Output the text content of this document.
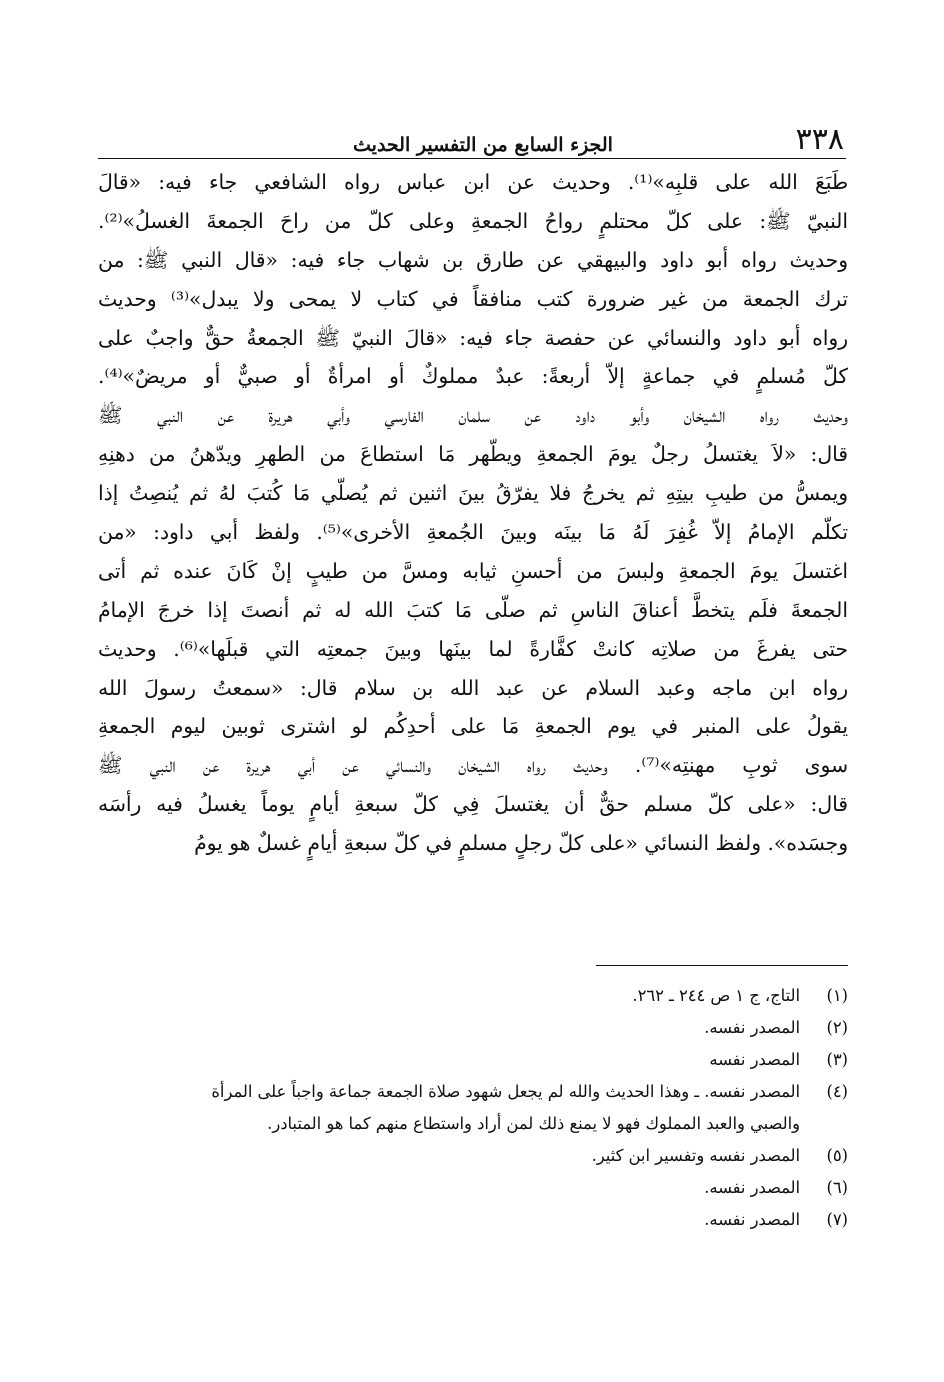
٣٣٨
الجزء السابع من التفسير الحديث
طَبَعَ الله على قلبِه»⁽¹⁾. وحديث عن ابن عباس رواه الشافعي جاء فيه: «قالَ
النبيّ ﷺ: على كلّ محتلمٍ رواحُ الجمعةِ وعلى كلّ من راحَ الجمعةَ الغسلُ»⁽²⁾.
وحديث رواه أبو داود والبيهقي عن طارق بن شهاب جاء فيه: «قال النبي ﷺ: من
ترك الجمعة من غير ضرورة كتب منافقاً في كتاب لا يمحى ولا يبدل»⁽³⁾ وحديث
رواه أبو داود والنسائي عن حفصة جاء فيه: «قالَ النبيّ ﷺ الجمعةُ حقٌّ واجبٌ على
كلّ مُسلمٍ في جماعةٍ إلاّ أربعةً: عبدٌ مملوكٌ أو امرأةٌ أو صبيٌّ أو مريضٌ»⁽⁴⁾.
وحديث رواه الشيخان وأبو داود عن سلمان الفارسي وأبي هريرة عن النبي ﷺ
قال: «لاَ يغتسلُ رجلٌ يومَ الجمعةِ ويطّهر مَا استطاعَ من الطهرِ ويدّهنُ من دهنِهِ
ويمسُّ من طيبِ بيتِهِ ثم يخرجُ فلا يفرّقُ بينَ اثنين ثم يُصلّي مَا كُتبَ لهُ ثم يُنصِتُ إذا
تكلّم الإمامُ إلاّ غُفِرَ لَهُ مَا بينَه وبينَ الجُمعةِ الأخرى»⁽⁵⁾. ولفظ أبي داود: «من
اغتسلَ يومَ الجمعةِ ولبسَ من أحسنِ ثيابه ومسَّ من طيبٍ إنْ كَانَ عنده ثم أتى
الجمعةَ فلَم يتخطَّ أعناقَ الناسِ ثم صلّى مَا كتبَ الله له ثم أنصتَ إذا خرجَ الإمامُ
حتى يفرغَ من صلاتِه كانتْ كفَّارةً لما بينَها وبينَ جمعتِه التي قبلَها»⁽⁶⁾. وحديث
رواه ابن ماجه وعبد السلام عن عبد الله بن سلام قال: «سمعتُ رسولَ الله
يقولُ على المنبر في يوم الجمعةِ مَا على أحدِكُم لو اشترى ثوبين ليوم الجمعةِ
سوى ثوبِ مهنتِه»⁽⁷⁾. وحديث رواه الشيخان والنسائي عن أبي هريرة عن النبي ﷺ
قال: «على كلّ مسلم حقٌّ أن يغتسلَ فِي كلّ سبعةِ أيامٍ يوماً يغسلُ فيه رأسَه
وجسَده». ولفظ النسائي «على كلّ رجلٍ مسلمٍ في كلّ سبعةِ أيامٍ غسلٌ هو يومُ
(١)
التاج، ج ١ ص ٢٤٤ ـ ٢٦٢.
(٢)
المصدر نفسه.
(٣)
المصدر نفسه
(٤)
المصدر نفسه. ـ وهذا الحديث والله لم يجعل شهود صلاة الجمعة جماعة واجباً على المرأة
والصبي والعبد المملوك فهو لا يمنع ذلك لمن أراد واستطاع منهم كما هو المتبادر.
(٥)
المصدر نفسه وتفسير ابن كثير.
(٦)
المصدر نفسه.
(٧)
المصدر نفسه.
